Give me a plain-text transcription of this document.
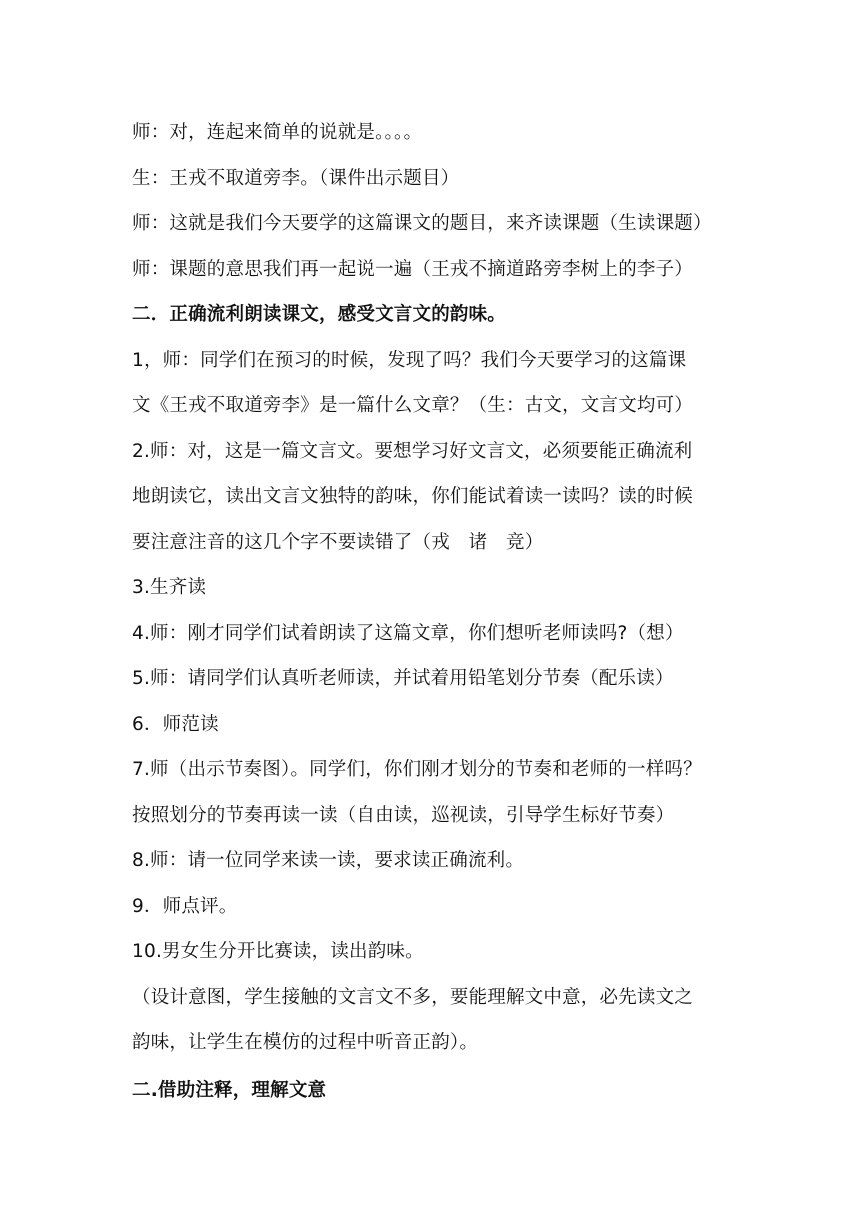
师：对，连起来简单的说就是。。。。
生：王戎不取道旁李。（课件出示题目）
师：这就是我们今天要学的这篇课文的题目，来齐读课题（生读课题）
师：课题的意思我们再一起说一遍（王戎不摘道路旁李树上的李子）
二．正确流利朗读课文，感受文言文的韵味。
1，师：同学们在预习的时候，发现了吗？我们今天要学习的这篇课
文《王戎不取道旁李》是一篇什么文章？（生：古文，文言文均可）
2.师：对，这是一篇文言文。要想学习好文言文，必须要能正确流利
地朗读它，读出文言文独特的韵味，你们能试着读一读吗？读的时候
要注意注音的这几个字不要读错了（戎　诸　竞）
3.生齐读
4.师：刚才同学们试着朗读了这篇文章，你们想听老师读吗?（想）
5.师：请同学们认真听老师读，并试着用铅笔划分节奏（配乐读）
6．师范读
7.师（出示节奏图）。同学们，你们刚才划分的节奏和老师的一样吗？
按照划分的节奏再读一读（自由读，巡视读，引导学生标好节奏）
8.师：请一位同学来读一读，要求读正确流利。
9．师点评。
10.男女生分开比赛读，读出韵味。
（设计意图，学生接触的文言文不多，要能理解文中意，必先读文之
韵味，让学生在模仿的过程中听音正韵）。
二.借助注释，理解文意
